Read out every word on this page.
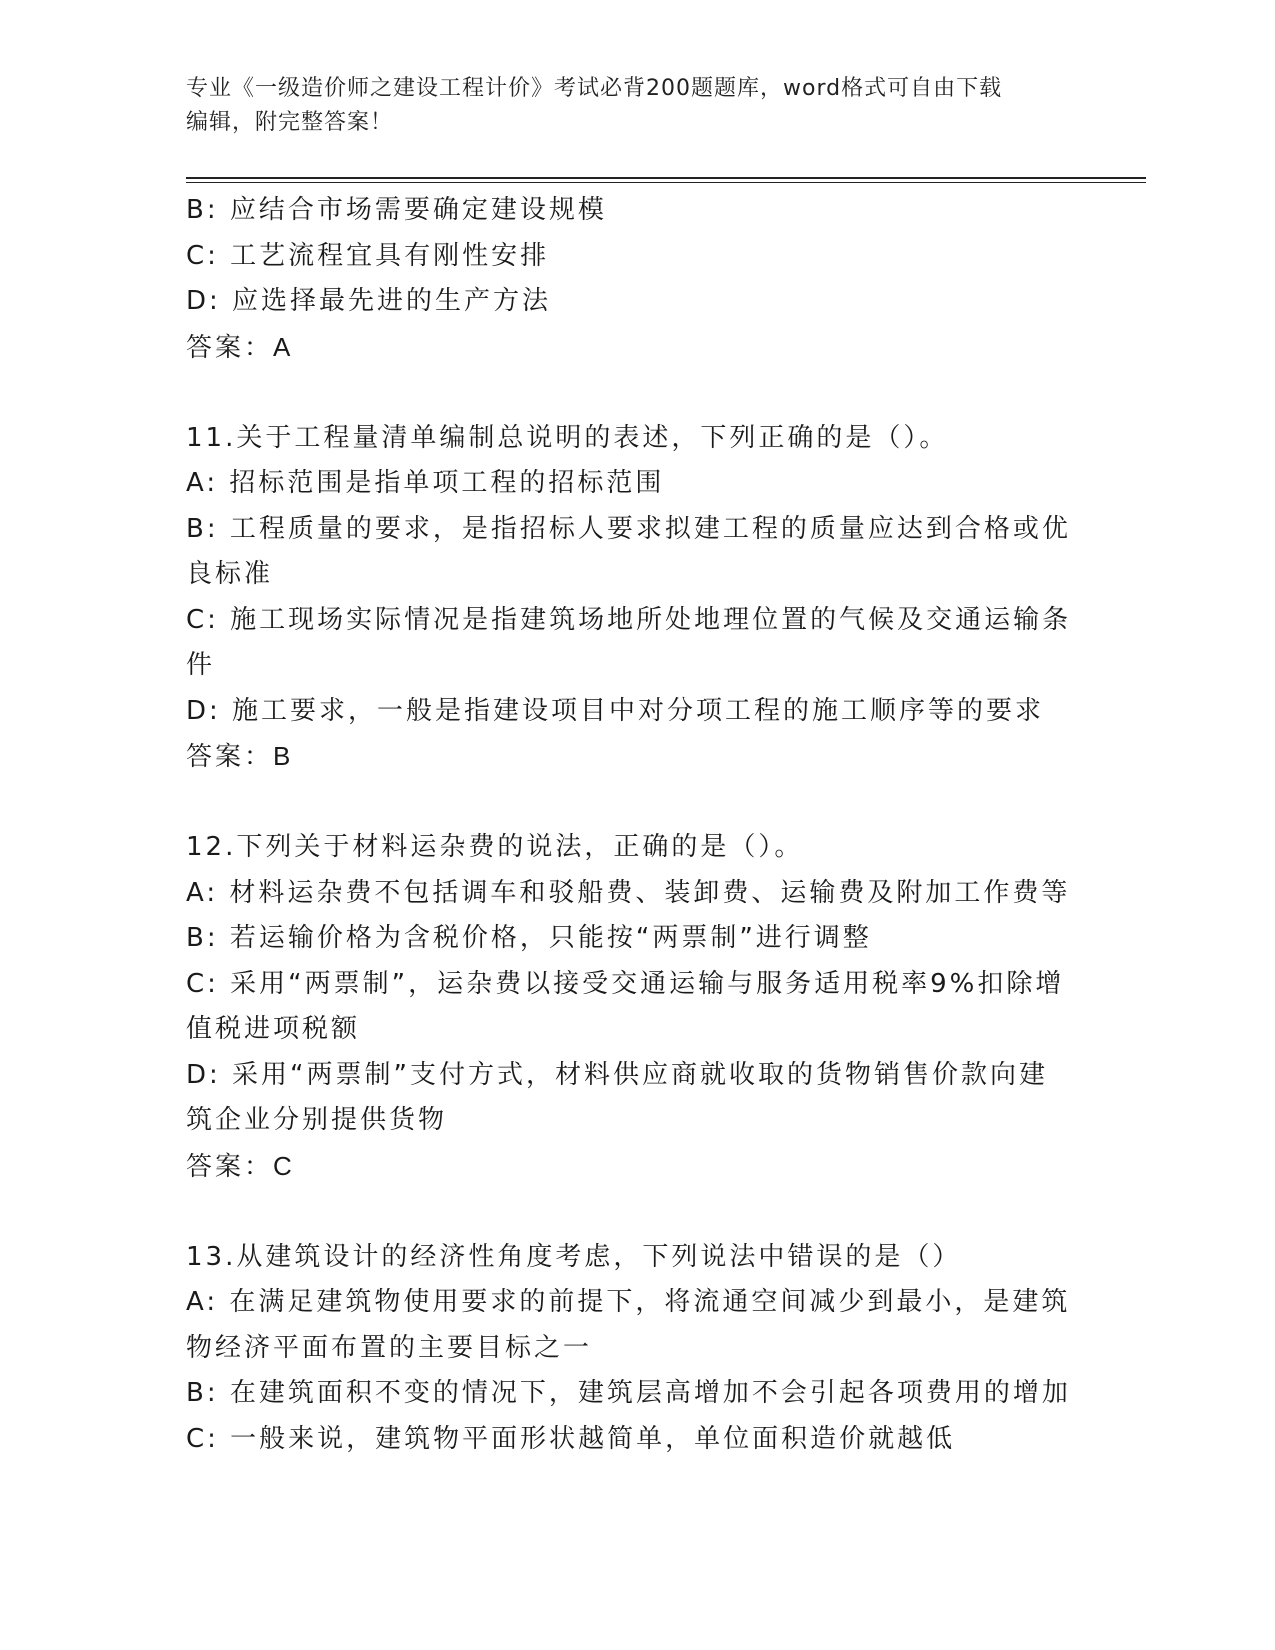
专业《一级造价师之建设工程计价》考试必背200题题库，word格式可自由下载
编辑，附完整答案！
B: 应结合市场需要确定建设规模
C: 工艺流程宜具有刚性安排
D: 应选择最先进的生产方法
答案：A
11.关于工程量清单编制总说明的表述，下列正确的是（）。
A: 招标范围是指单项工程的招标范围
B: 工程质量的要求，是指招标人要求拟建工程的质量应达到合格或优
良标准
C: 施工现场实际情况是指建筑场地所处地理位置的气候及交通运输条
件
D: 施工要求，一般是指建设项目中对分项工程的施工顺序等的要求
答案：B
12.下列关于材料运杂费的说法，正确的是（）。
A: 材料运杂费不包括调车和驳船费、装卸费、运输费及附加工作费等
B: 若运输价格为含税价格，只能按“两票制”进行调整
C: 采用“两票制”，运杂费以接受交通运输与服务适用税率9%扣除增
值税进项税额
D: 采用“两票制”支付方式，材料供应商就收取的货物销售价款向建
筑企业分别提供货物
答案：C
13.从建筑设计的经济性角度考虑，下列说法中错误的是（）
A: 在满足建筑物使用要求的前提下，将流通空间减少到最小，是建筑
物经济平面布置的主要目标之一
B: 在建筑面积不变的情况下，建筑层高增加不会引起各项费用的增加
C: 一般来说，建筑物平面形状越简单，单位面积造价就越低
